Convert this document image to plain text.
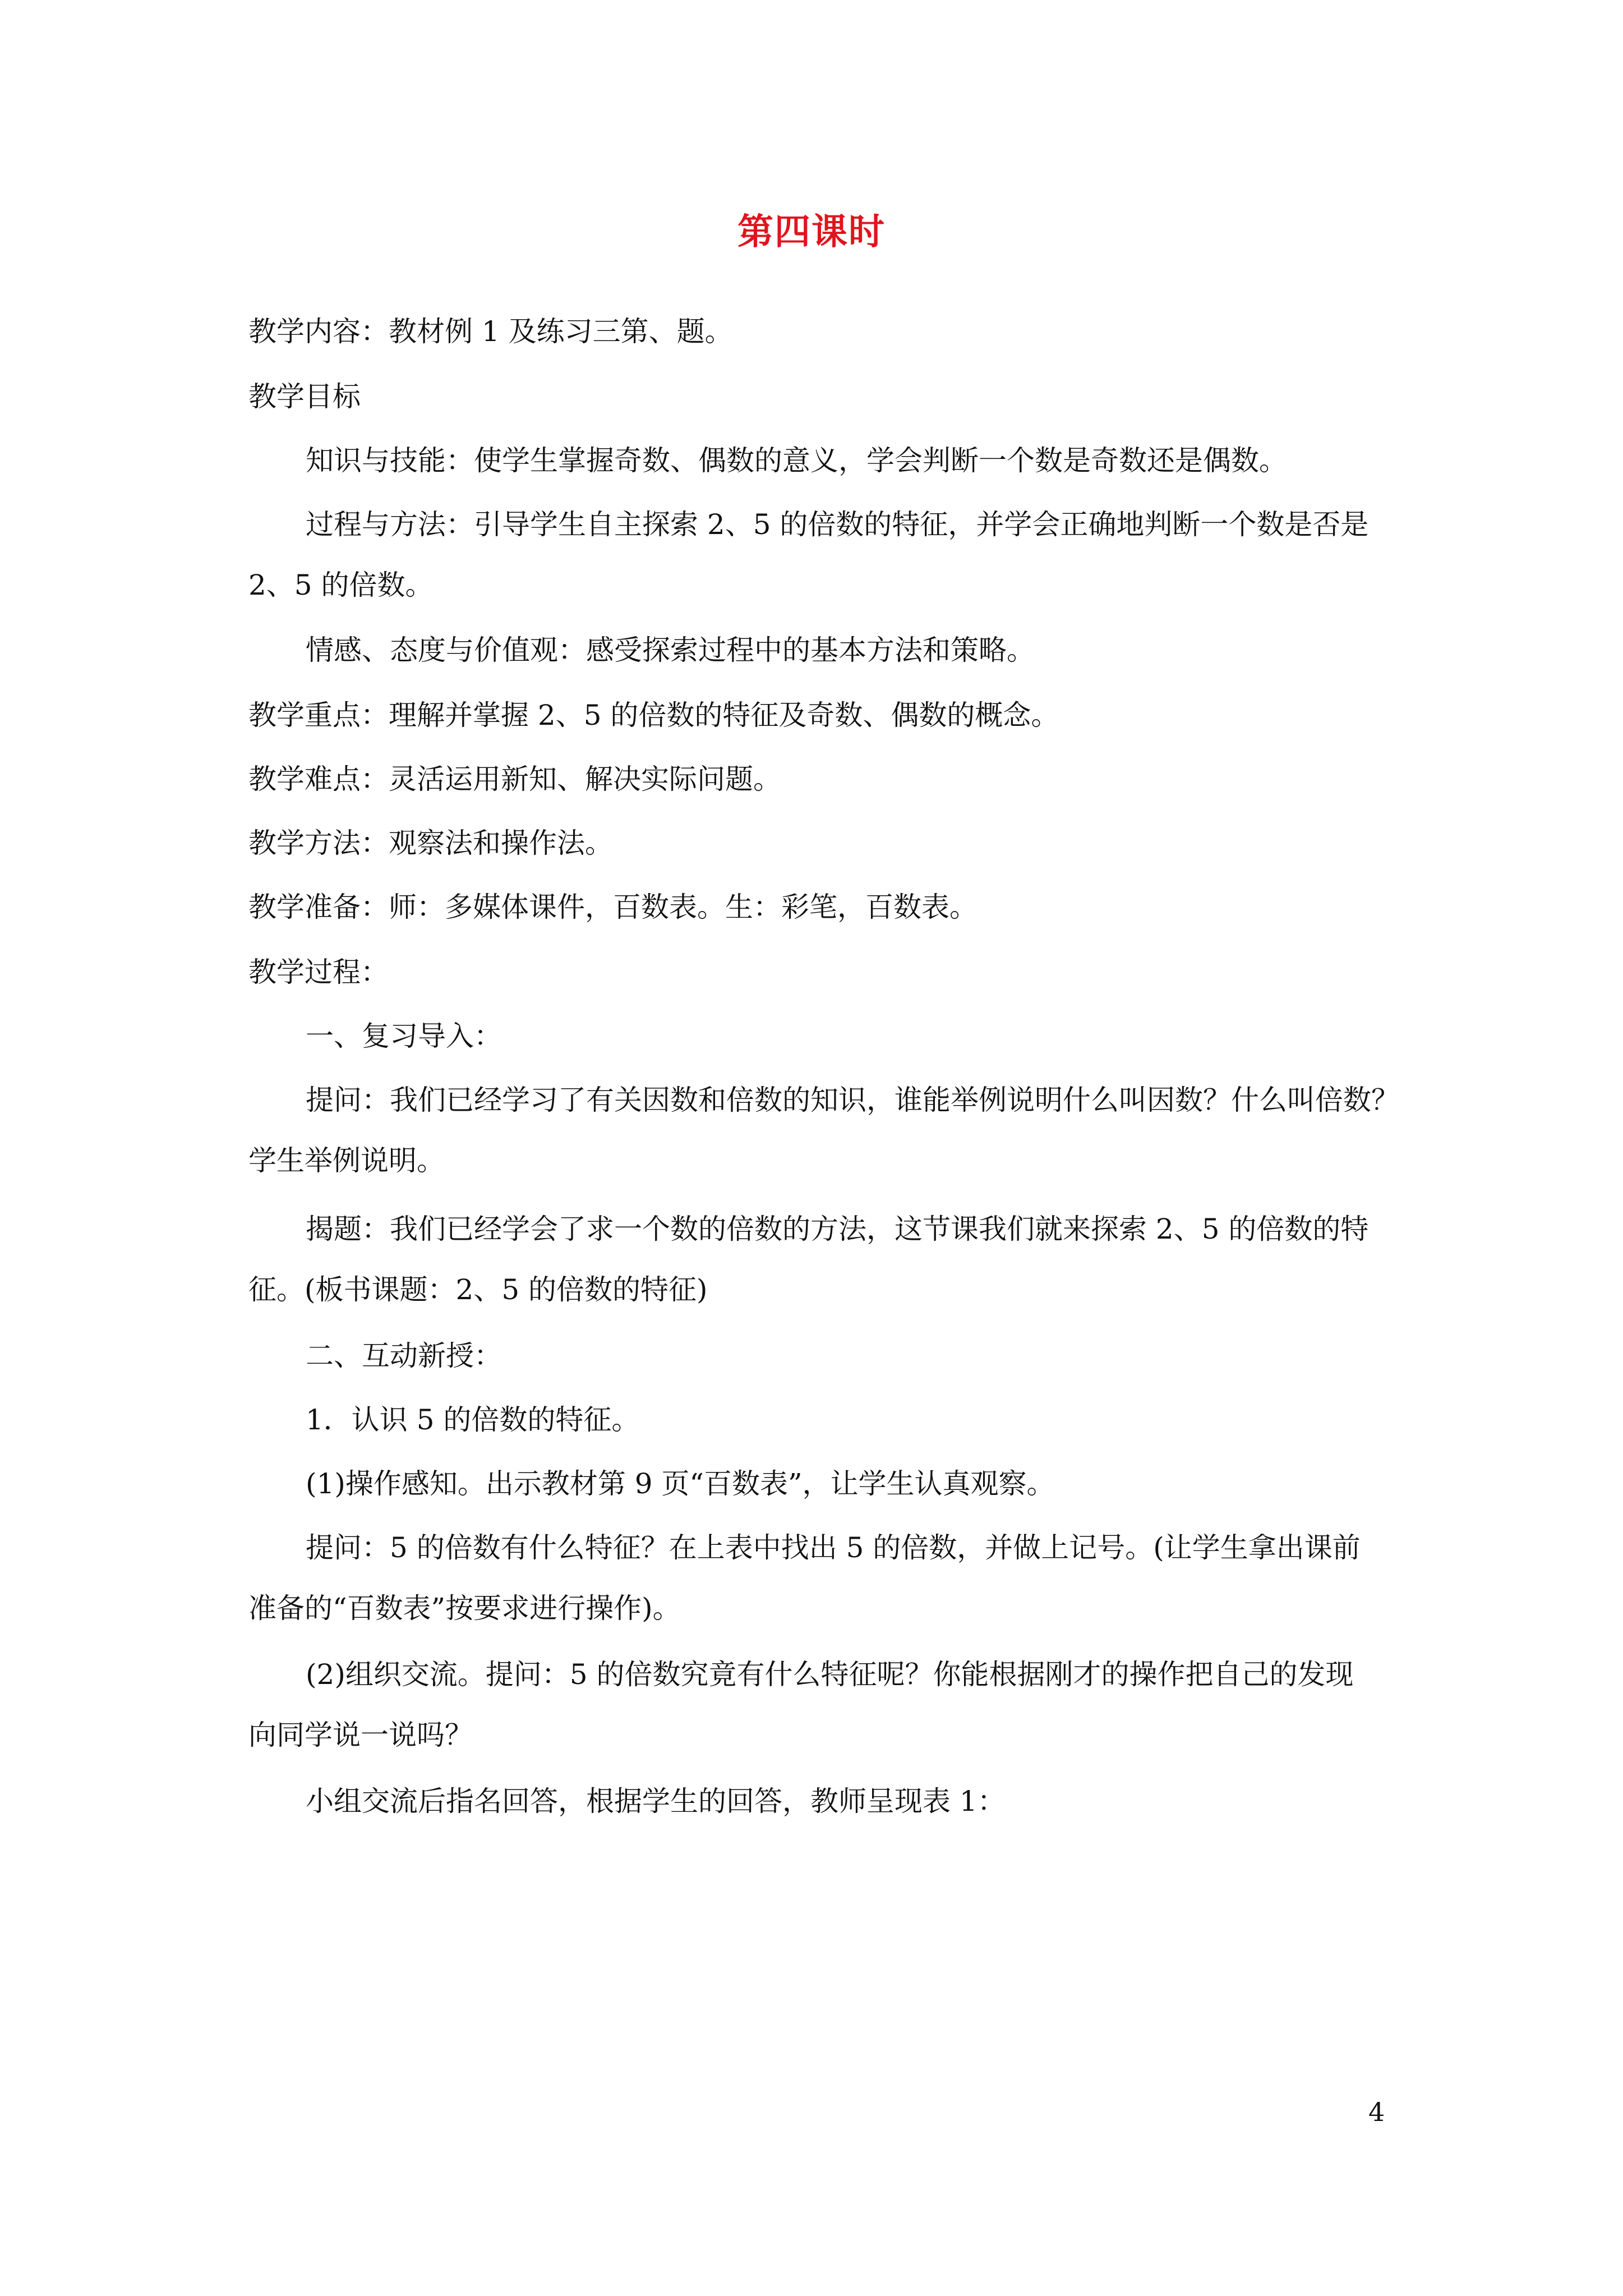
第四课时
教学内容：教材例 1 及练习三第、题。
教学目标
知识与技能：使学生掌握奇数、偶数的意义，学会判断一个数是奇数还是偶数。
过程与方法：引导学生自主探索 2、5 的倍数的特征，并学会正确地判断一个数是否是
2、5 的倍数。
情感、态度与价值观：感受探索过程中的基本方法和策略。
教学重点：理解并掌握 2、5 的倍数的特征及奇数、偶数的概念。
教学难点：灵活运用新知、解决实际问题。
教学方法：观察法和操作法。
教学准备：师：多媒体课件，百数表。生：彩笔，百数表。
教学过程：
一、复习导入：
提问：我们已经学习了有关因数和倍数的知识，谁能举例说明什么叫因数？什么叫倍数？
学生举例说明。
揭题：我们已经学会了求一个数的倍数的方法，这节课我们就来探索 2、5 的倍数的特
征。(板书课题：2、5 的倍数的特征)
二、互动新授：
1．认识 5 的倍数的特征。
(1)操作感知。出示教材第 9 页“百数表”，让学生认真观察。
提问：5 的倍数有什么特征？在上表中找出 5 的倍数，并做上记号。(让学生拿出课前
准备的“百数表”按要求进行操作)。
(2)组织交流。提问：5 的倍数究竟有什么特征呢？你能根据刚才的操作把自己的发现
向同学说一说吗？
小组交流后指名回答，根据学生的回答，教师呈现表 1：
4
